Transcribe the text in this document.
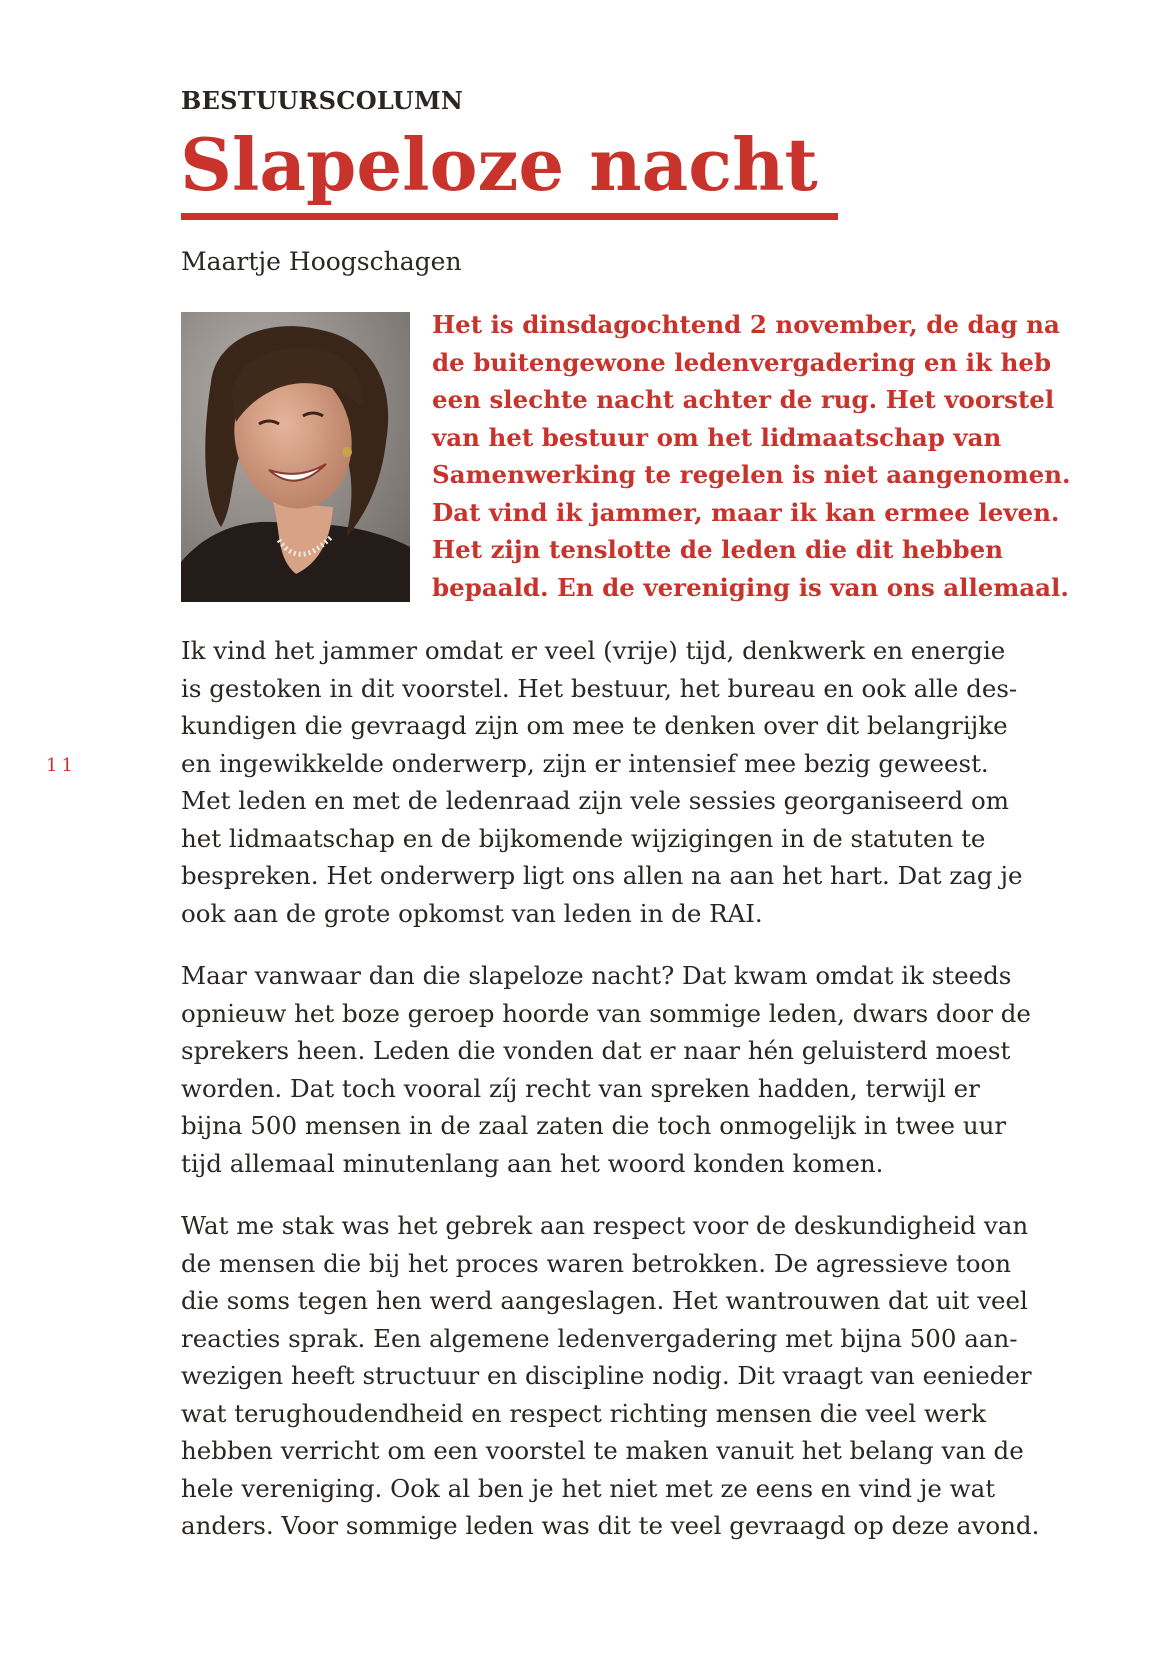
BESTUURSCOLUMN
Slapeloze nacht
Maartje Hoogschagen
Het is dinsdagochtend 2 november, de dag na
de buitengewone ledenvergadering en ik heb
een slechte nacht achter de rug. Het voorstel
van het bestuur om het lidmaatschap van
Samenwerking te regelen is niet aangenomen.
Dat vind ik jammer, maar ik kan ermee leven.
Het zijn tenslotte de leden die dit hebben
bepaald. En de vereniging is van ons allemaal.
11
Ik vind het jammer omdat er veel (vrije) tijd, denkwerk en energie
is gestoken in dit voorstel. Het bestuur, het bureau en ook alle des-
kundigen die gevraagd zijn om mee te denken over dit belangrijke
en ingewikkelde onderwerp, zijn er intensief mee bezig geweest.
Met leden en met de ledenraad zijn vele sessies georganiseerd om
het lidmaatschap en de bijkomende wijzigingen in de statuten te
bespreken. Het onderwerp ligt ons allen na aan het hart. Dat zag je
ook aan de grote opkomst van leden in de RAI.
Maar vanwaar dan die slapeloze nacht? Dat kwam omdat ik steeds
opnieuw het boze geroep hoorde van sommige leden, dwars door de
sprekers heen. Leden die vonden dat er naar hén geluisterd moest
worden. Dat toch vooral zíj recht van spreken hadden, terwijl er
bijna 500 mensen in de zaal zaten die toch onmogelijk in twee uur
tijd allemaal minutenlang aan het woord konden komen.
Wat me stak was het gebrek aan respect voor de deskundigheid van
de mensen die bij het proces waren betrokken. De agressieve toon
die soms tegen hen werd aangeslagen. Het wantrouwen dat uit veel
reacties sprak. Een algemene ledenvergadering met bijna 500 aan-
wezigen heeft structuur en discipline nodig. Dit vraagt van eenieder
wat terughoudendheid en respect richting mensen die veel werk
hebben verricht om een voorstel te maken vanuit het belang van de
hele vereniging. Ook al ben je het niet met ze eens en vind je wat
anders. Voor sommige leden was dit te veel gevraagd op deze avond.
